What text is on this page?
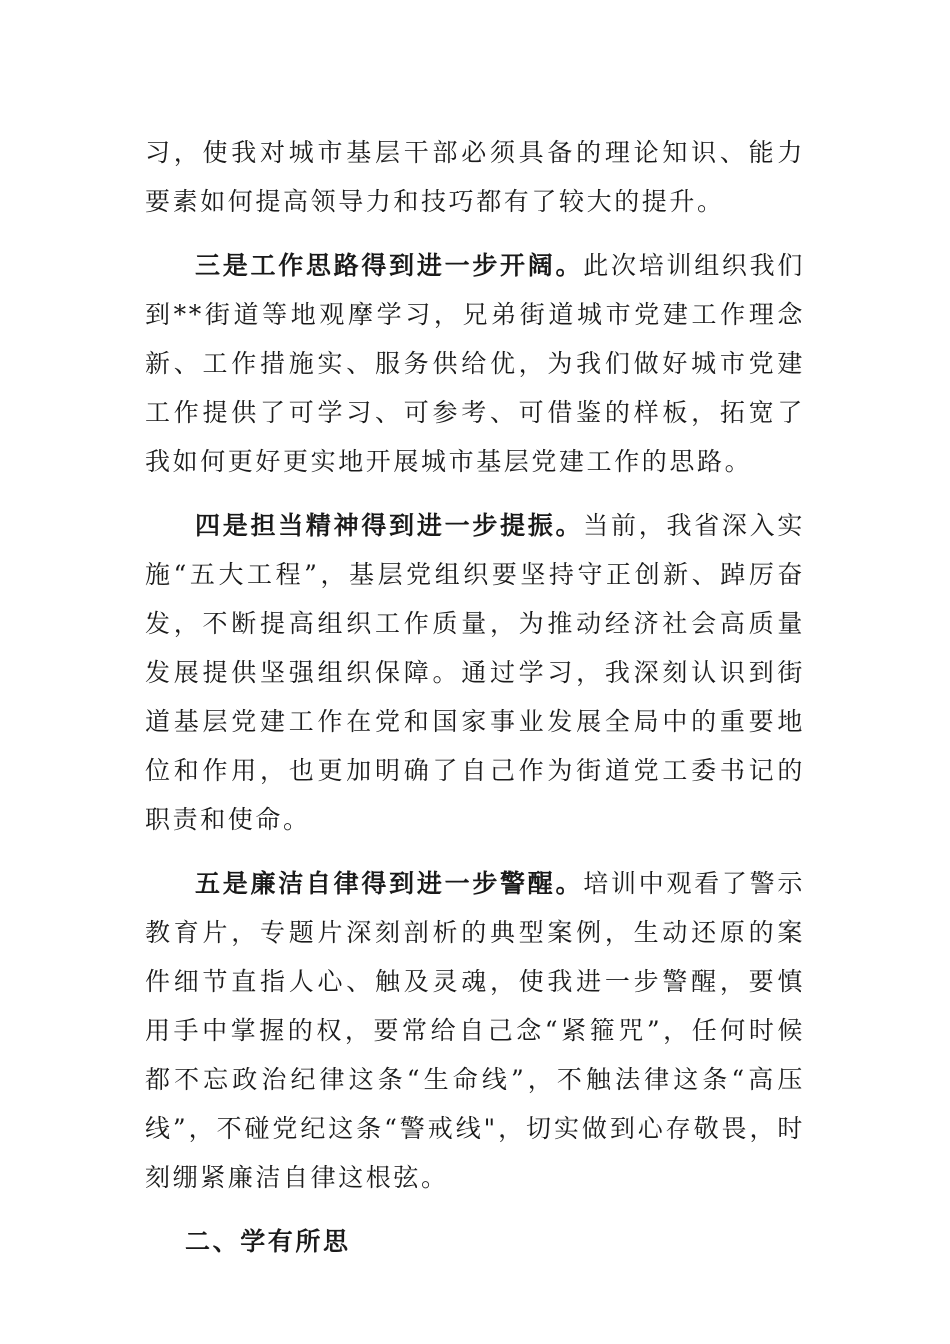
习，使我对城市基层干部必须具备的理论知识、能力要素如何提高领导力和技巧都有了较大的提升。

三是工作思路得到进一步开阔。此次培训组织我们到**街道等地观摩学习，兄弟街道城市党建工作理念新、工作措施实、服务供给优，为我们做好城市党建工作提供了可学习、可参考、可借鉴的样板，拓宽了我如何更好更实地开展城市基层党建工作的思路。

四是担当精神得到进一步提振。当前，我省深入实施“五大工程”，基层党组织要坚持守正创新、踔厉奋发，不断提高组织工作质量，为推动经济社会高质量发展提供坚强组织保障。通过学习，我深刻认识到街道基层党建工作在党和国家事业发展全局中的重要地位和作用，也更加明确了自己作为街道党工委书记的职责和使命。

五是廉洁自律得到进一步警醒。培训中观看了警示教育片，专题片深刻剖析的典型案例，生动还原的案件细节直指人心、触及灵魂，使我进一步警醒，要慎用手中掌握的权，要常给自己念“紧箍咒”，任何时候都不忘政治纪律这条“生命线”，不触法律这条“高压线”，不碰党纪这条“警戒线"，切实做到心存敬畏，时刻绷紧廉洁自律这根弦。

二、学有所思
